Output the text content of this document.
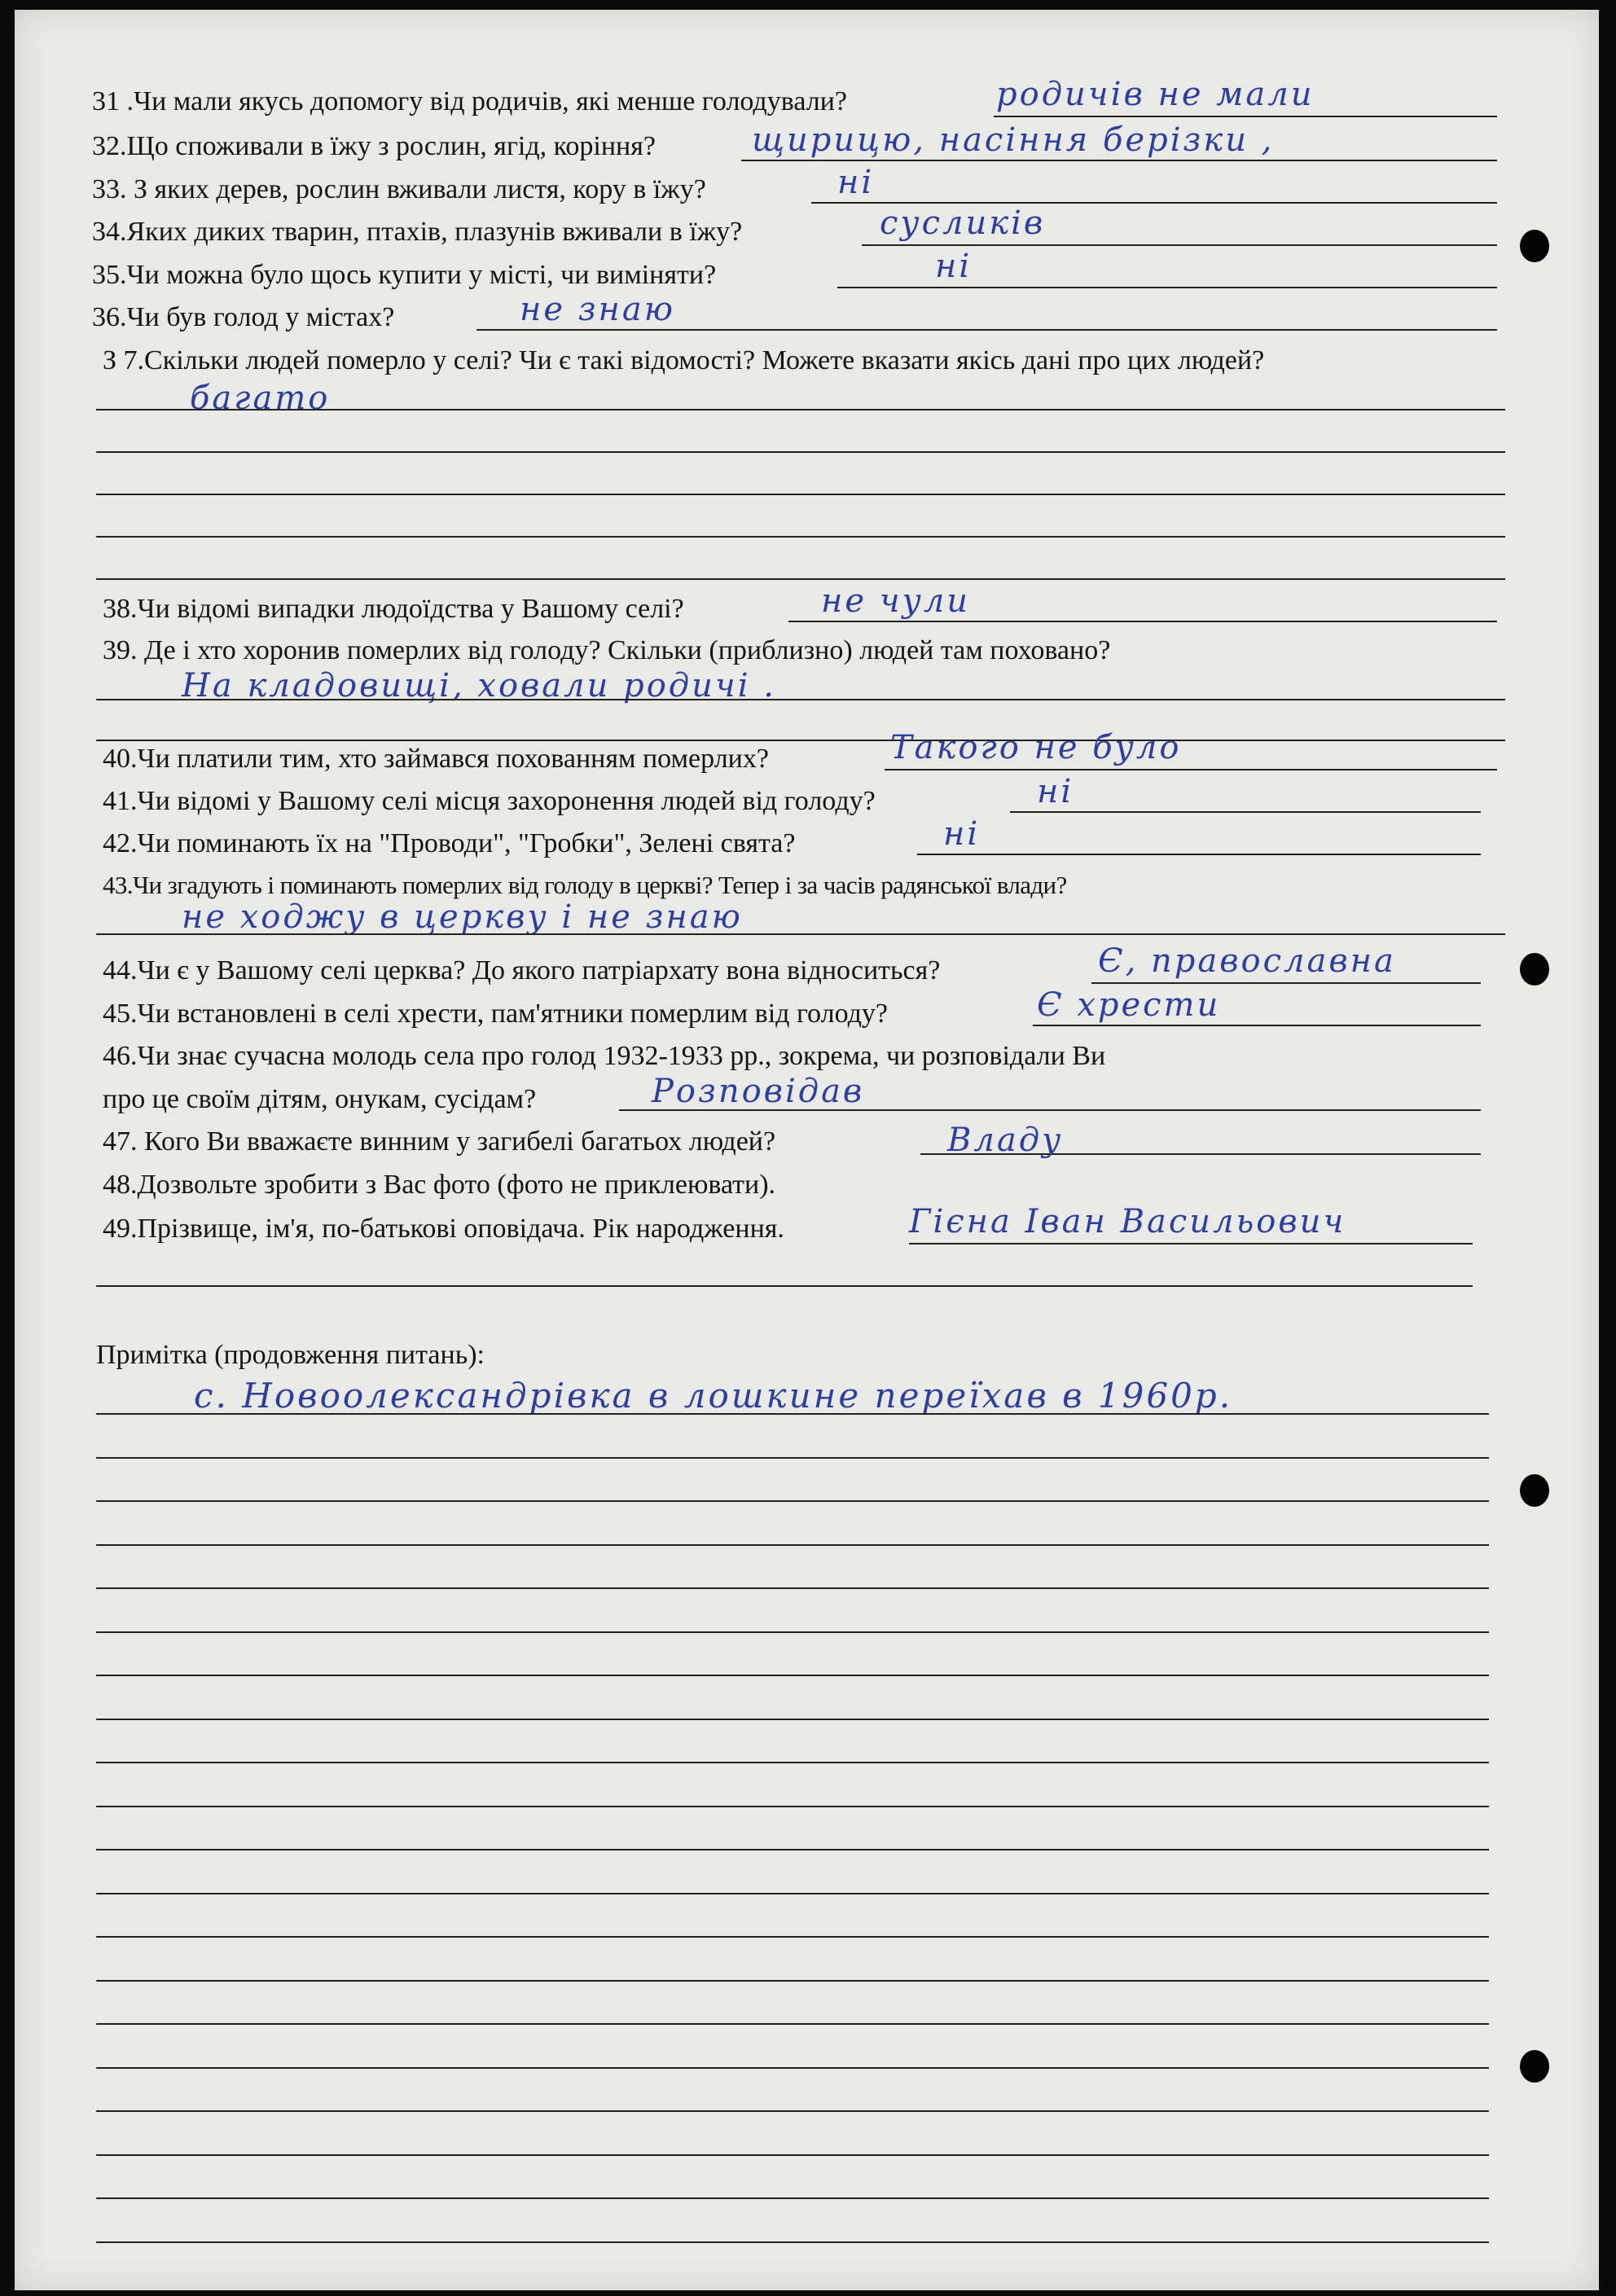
31 .Чи мали якусь допомогу від родичів, які менше голодували?	родичів не мали
32.Що споживали в їжу з рослин, ягід, коріння?	щирицю, насіння берізки ,
33. З яких дерев, рослин вживали листя, кору в їжу?	ні
34.Яких диких тварин, птахів, плазунів вживали в їжу?	сусликів
35.Чи можна було щось купити у місті, чи виміняти?	ні
36.Чи був голод у містах?	не знаю
З 7.Скільки людей померло у селі? Чи є такі відомості? Можете вказати якісь дані про цих людей?
багато
38.Чи відомі випадки людоїдства у Вашому селі?	не чули
39. Де і хто хоронив померлих від голоду? Скільки (приблизно) людей там поховано?
На кладовищі, ховали родичі .
40.Чи платили тим, хто займався похованням померлих?	Такого не було
41.Чи відомі у Вашому селі місця захоронення людей від голоду?	ні
42.Чи поминають їх на "Проводи", "Гробки", Зелені свята?	ні
43.Чи згадують і поминають померлих від голоду в церкві? Тепер і за часів радянської влади?
не ходжу в церкву і не знаю
44.Чи є у Вашому селі церква? До якого патріархату вона відноситься?	Є, православна
45.Чи встановлені в селі хрести, пам'ятники померлим від голоду?	Є хрести
46.Чи знає сучасна молодь села про голод 1932-1933 рр., зокрема, чи розповідали Ви
про це своїм дітям, онукам, сусідам?	Розповідав
47. Кого Ви вважаєте винним у загибелі багатьох людей?	Владу
48.Дозвольте зробити з Вас фото (фото не приклеювати).
49.Прізвище, ім'я, по-батькові оповідача. Рік народження.	Гієна Іван Васильович
Примітка (продовження питань):
с. Новоолександрівка в лошкине переїхав в 1960р.
